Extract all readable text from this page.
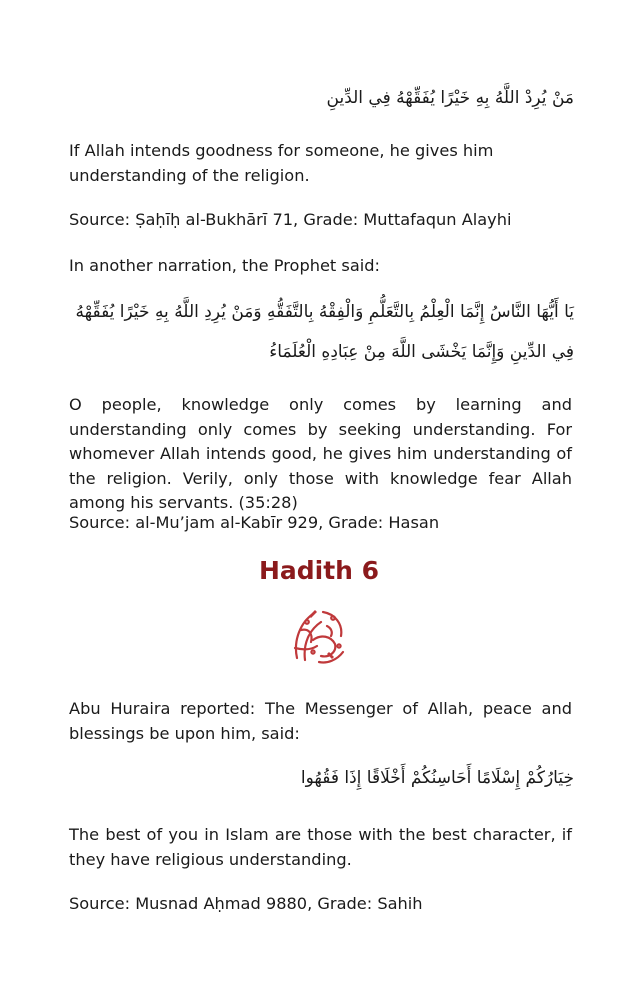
مَنْ يُرِدْ اللَّهُ بِهِ خَيْرًا يُفَقِّهْهُ فِي الدِّينِ

If Allah intends goodness for someone, he gives him understanding of the religion.

Source: Ṣaḥīḥ al-Bukhārī 71, Grade: Muttafaqun Alayhi

In another narration, the Prophet said:

يَا أَيُّهَا النَّاسُ إِنَّمَا الْعِلْمُ بِالتَّعَلُّمِ وَالْفِقْهُ بِالتَّفَقُّهِ وَمَنْ يُرِدِ اللَّهُ بِهِ خَيْرًا يُفَقِّهْهُ فِي الدِّينِ وَإِنَّمَا يَخْشَى اللَّهَ مِنْ عِبَادِهِ الْعُلَمَاءُ

O people, knowledge only comes by learning and understanding only comes by seeking understanding. For whomever Allah intends good, he gives him understanding of the religion. Verily, only those with knowledge fear Allah among his servants. (35:28)

Source: al-Mu’jam al-Kabīr 929, Grade: Hasan

Hadith 6

Abu Huraira reported: The Messenger of Allah, peace and blessings be upon him, said:

خِيَارُكُمْ إِسْلَامًا أَحَاسِنُكُمْ أَخْلَاقًا إِذَا فَقُهُوا

The best of you in Islam are those with the best character, if they have religious understanding.

Source: Musnad Aḥmad 9880, Grade: Sahih
